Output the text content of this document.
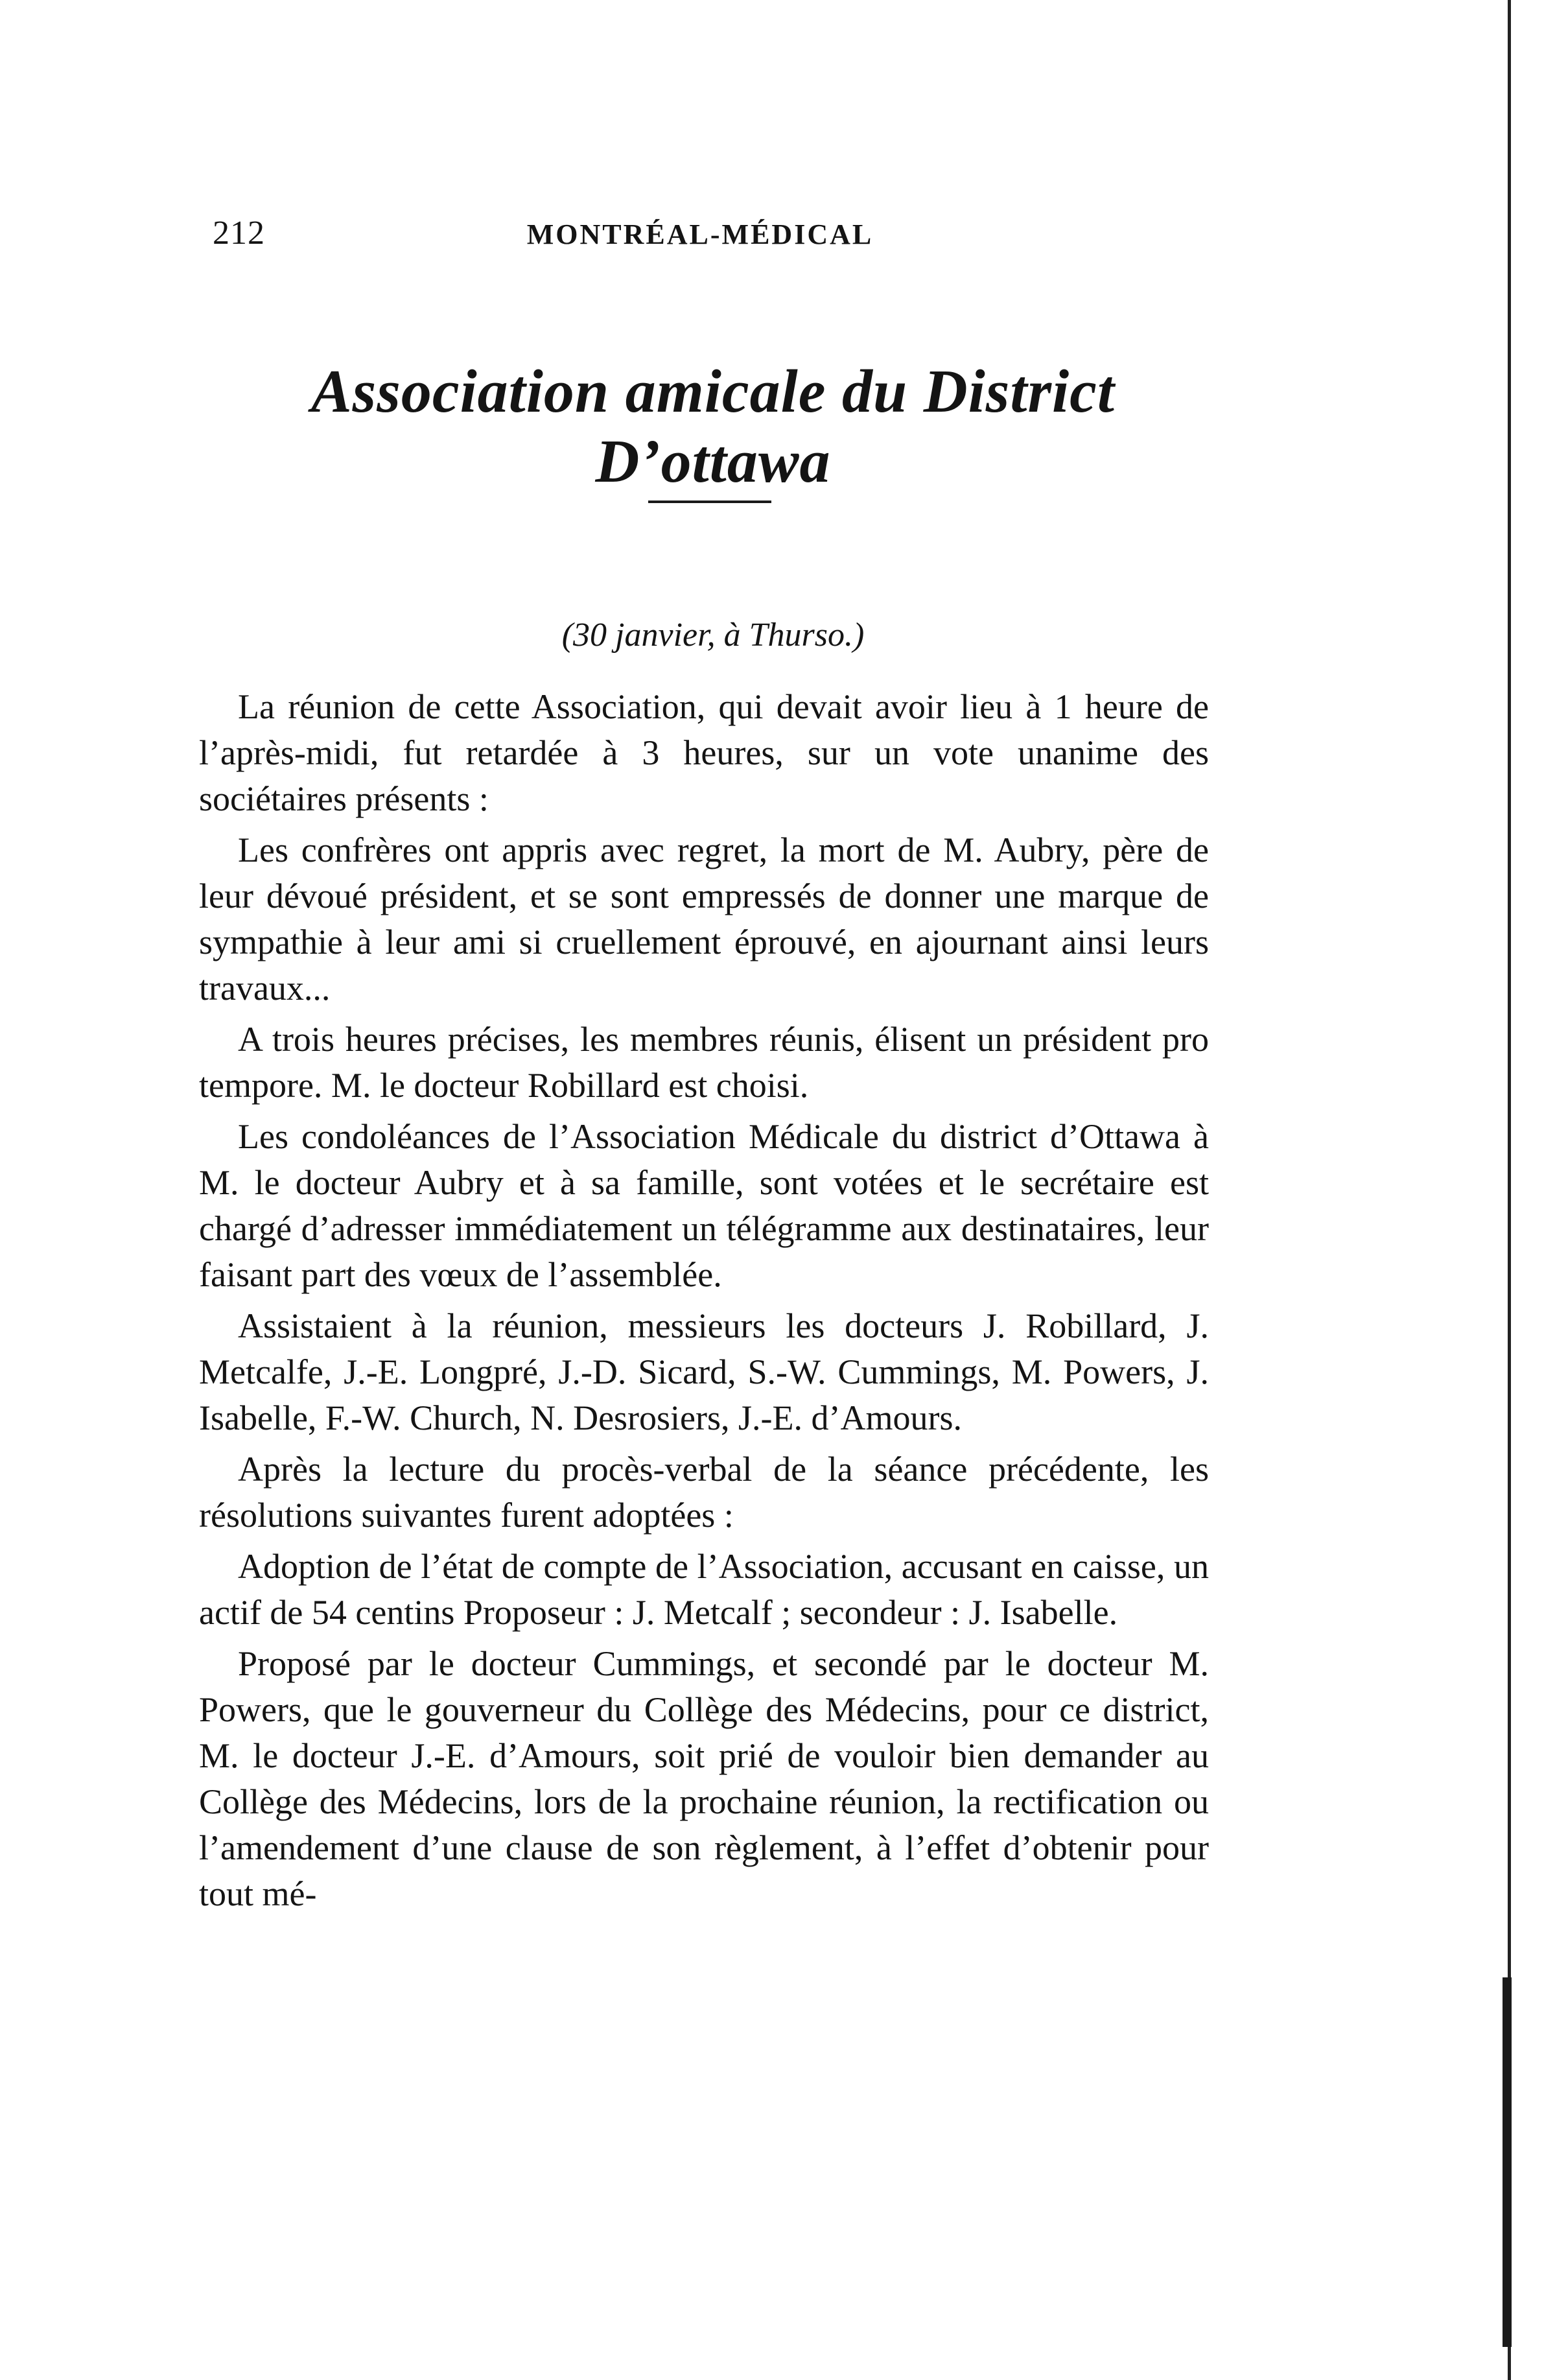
212	MONTRÉAL-MÉDICAL
Association amicale du District D’ottawa
(30 janvier, à Thurso.)

La réunion de cette Association, qui devait avoir lieu à 1 heure de l’après-midi, fut retardée à 3 heures, sur un vote unanime des sociétaires présents :

Les confrères ont appris avec regret, la mort de M. Aubry, père de leur dévoué président, et se sont empressés de donner une marque de sympathie à leur ami si cruellement éprouvé, en ajournant ainsi leurs travaux...

A trois heures précises, les membres réunis, élisent un président pro tempore. M. le docteur Robillard est choisi.

Les condoléances de l’Association Médicale du district d’Ottawa à M. le docteur Aubry et à sa famille, sont votées et le secrétaire est chargé d’adresser immédiatement un télégramme aux destinataires, leur faisant part des vœux de l’assemblée.

Assistaient à la réunion, messieurs les docteurs J. Robillard, J. Metcalfe, J.-E. Longpré, J.-D. Sicard, S.-W. Cummings, M. Powers, J. Isabelle, F.-W. Church, N. Desrosiers, J.-E. d’Amours.

Après la lecture du procès-verbal de la séance précédente, les résolutions suivantes furent adoptées :

Adoption de l’état de compte de l’Association, accusant en caisse, un actif de 54 centins Proposeur : J. Metcalf ; secondeur : J. Isabelle.

Proposé par le docteur Cummings, et secondé par le docteur M. Powers, que le gouverneur du Collège des Médecins, pour ce district, M. le docteur J.-E. d’Amours, soit prié de vouloir bien demander au Collège des Médecins, lors de la prochaine réunion, la rectification ou l’amendement d’une clause de son règlement, à l’effet d’obtenir pour tout mé-
